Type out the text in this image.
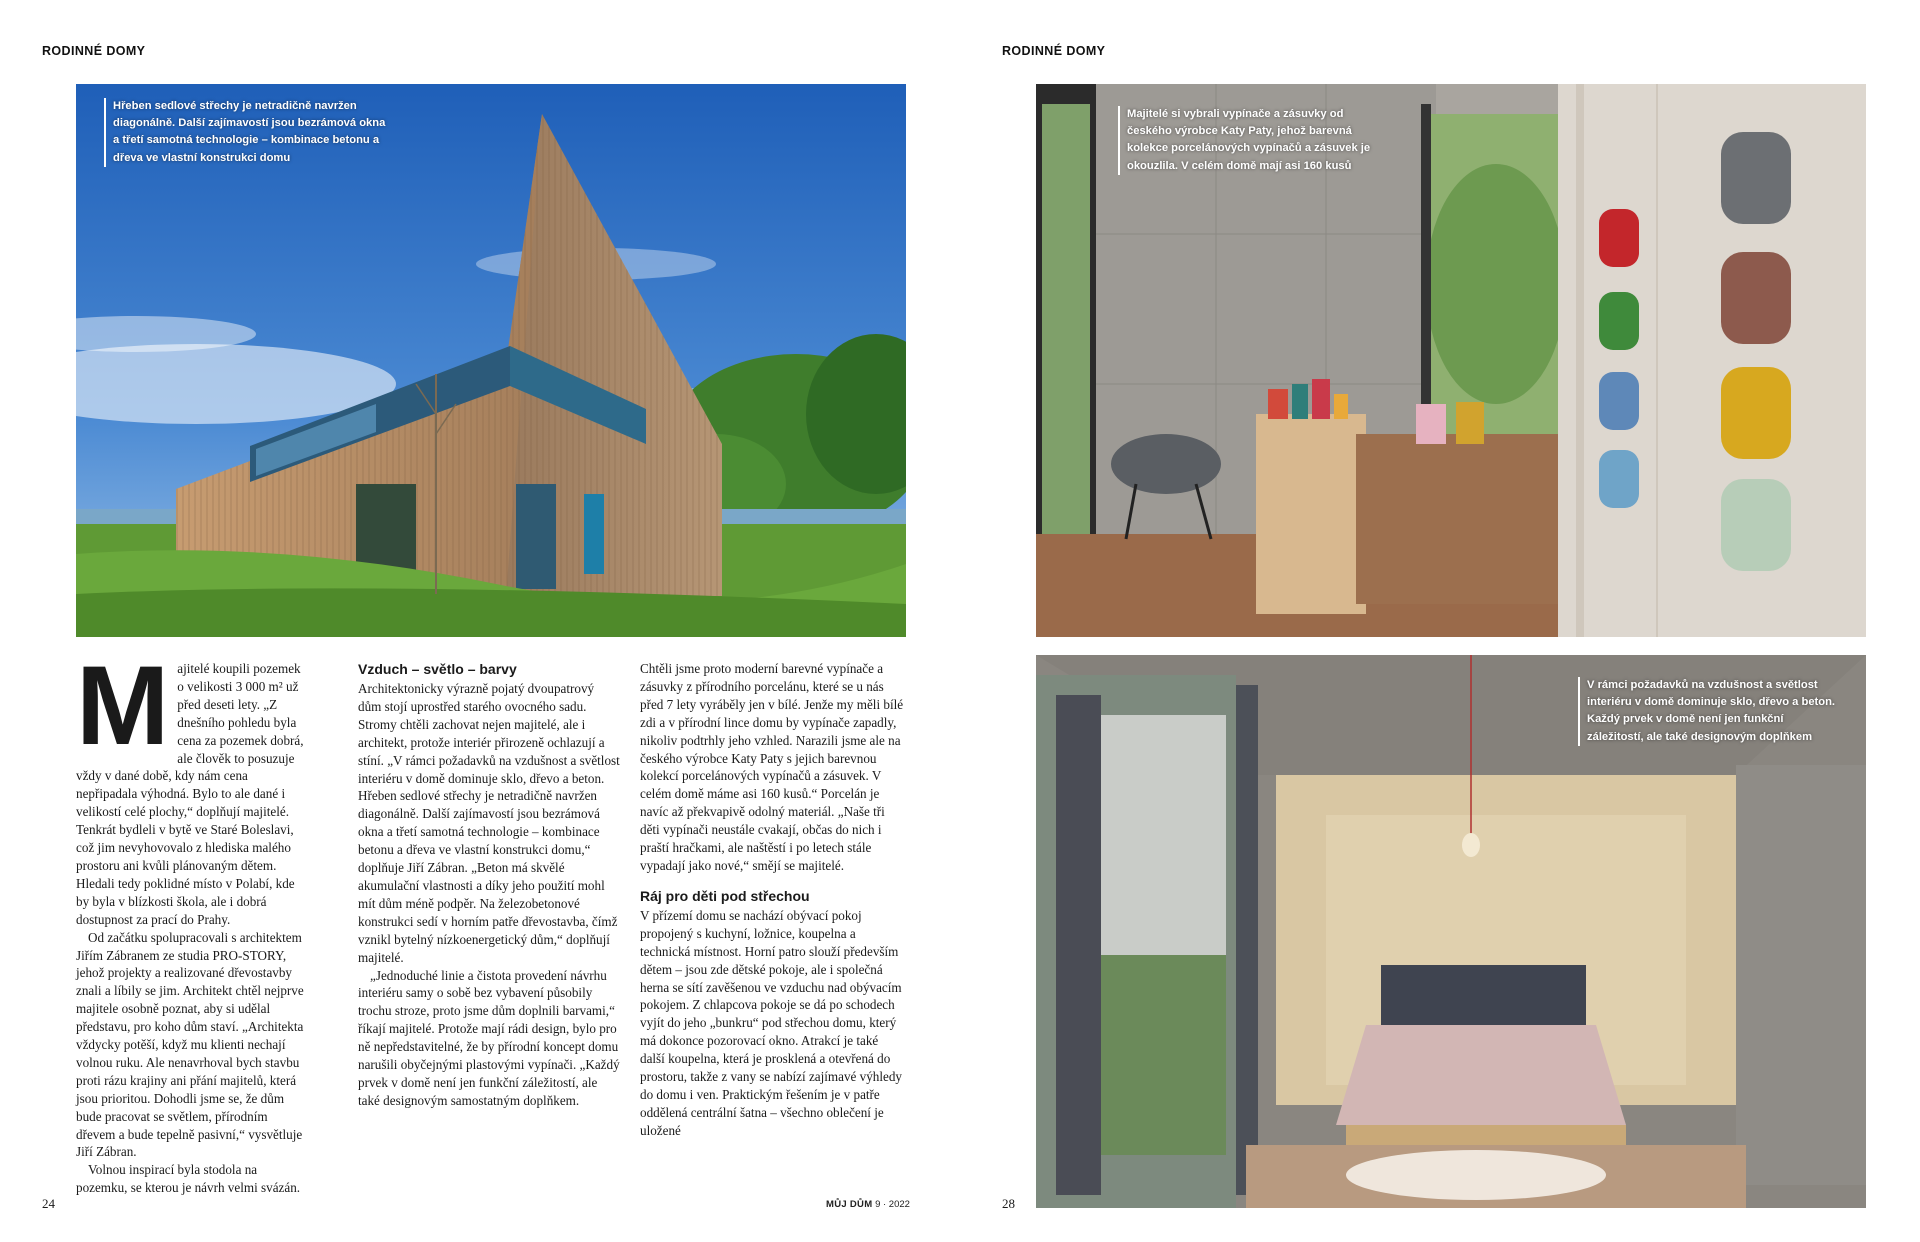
RODINNÉ DOMY
Hřeben sedlové střechy je netradičně navržen diagonálně. Další zajímavostí jsou bezrámová okna a třetí samotná technologie – kombinace betonu a dřeva ve vlastní konstrukci domu

Majitelé koupili pozemek o velikosti 3 000 m² už před deseti lety. „Z dnešního pohledu byla cena za pozemek dobrá, ale člověk to posuzuje vždy v dané době, kdy nám cena nepřipadala výhodná. Bylo to ale dané i velikostí celé plochy,“ doplňují majitelé. Tenkrát bydleli v bytě ve Staré Boleslavi, což jim nevyhovovalo z hlediska malého prostoru ani kvůli plánovaným dětem. Hledali tedy poklidné místo v Polabí, kde by byla v blízkosti škola, ale i dobrá dostupnost za prací do Prahy.

Od začátku spolupracovali s architektem Jiřím Zábranem ze studia PRO-STORY, jehož projekty a realizované dřevostavby znali a líbily se jim. Architekt chtěl nejprve majitele osobně poznat, aby si udělal představu, pro koho dům staví. „Architekta vždycky potěší, když mu klienti nechají volnou ruku. Ale nenavrhoval bych stavbu proti rázu krajiny ani přání majitelů, která jsou prioritou. Dohodli jsme se, že dům bude pracovat se světlem, přírodním dřevem a bude tepelně pasivní,“ vysvětluje Jiří Zábran.

Volnou inspirací byla stodola na pozemku, se kterou je návrh velmi svázán.

Vzduch – světlo – barvy

Architektonicky výrazně pojatý dvoupatrový dům stojí uprostřed starého ovocného sadu. Stromy chtěli zachovat nejen majitelé, ale i architekt, protože interiér přirozeně ochlazují a stíní. „V rámci požadavků na vzdušnost a světlost interiéru v domě dominuje sklo, dřevo a beton. Hřeben sedlové střechy je netradičně navržen diagonálně. Další zajímavostí jsou bezrámová okna a třetí samotná technologie – kombinace betonu a dřeva ve vlastní konstrukci domu,“ doplňuje Jiří Zábran. „Beton má skvělé akumulační vlastnosti a díky jeho použití mohl mít dům méně podpěr. Na železobetonové konstrukci sedí v horním patře dřevostavba, čímž vznikl bytelný nízkoenergetický dům,“ doplňují majitelé.

„Jednoduché linie a čistota provedení návrhu interiéru samy o sobě bez vybavení působily trochu stroze, proto jsme dům doplnili barvami,“ říkají majitelé. Protože mají rádi design, bylo pro ně nepředstavitelné, že by přírodní koncept domu narušili obyčejnými plastovými vypínači. „Každý prvek v domě není jen funkční záležitostí, ale také designovým samostatným doplňkem.

Chtěli jsme proto moderní barevné vypínače a zásuvky z přírodního porcelánu, které se u nás před 7 lety vyráběly jen v bílé. Jenže my měli bílé zdi a v přírodní lince domu by vypínače zapadly, nikoliv podtrhly jeho vzhled. Narazili jsme ale na českého výrobce Katy Paty s jejich barevnou kolekcí porcelánových vypínačů a zásuvek. V celém domě máme asi 160 kusů.“ Porcelán je navíc až překvapivě odolný materiál. „Naše tři děti vypínači neustále cvakají, občas do nich i praští hračkami, ale naštěstí i po letech stále vypadají jako nové,“ smějí se majitelé.

Ráj pro děti pod střechou

V přízemí domu se nachází obývací pokoj propojený s kuchyní, ložnice, koupelna a technická místnost. Horní patro slouží především dětem – jsou zde dětské pokoje, ale i společná herna se sítí zavěšenou ve vzduchu nad obývacím pokojem. Z chlapcova pokoje se dá po schodech vyjít do jeho „bunkru“ pod střechou domu, který má dokonce pozorovací okno. Atrakcí je také další koupelna, která je prosklená a otevřená do prostoru, takže z vany se nabízí zajímavé výhledy do domu i ven. Praktickým řešením je v patře oddělená centrální šatna – všechno oblečení je uložené

24	MŮJ DŮM 9 · 2022
RODINNÉ DOMY
Majitelé si vybrali vypínače a zásuvky od českého výrobce Katy Paty, jehož barevná kolekce porcelánových vypínačů a zásuvek je okouzlila. V celém domě mají asi 160 kusů
V rámci požadavků na vzdušnost a světlost interiéru v domě dominuje sklo, dřevo a beton. Každý prvek v domě není jen funkční záležitostí, ale také designovým doplňkem
28
